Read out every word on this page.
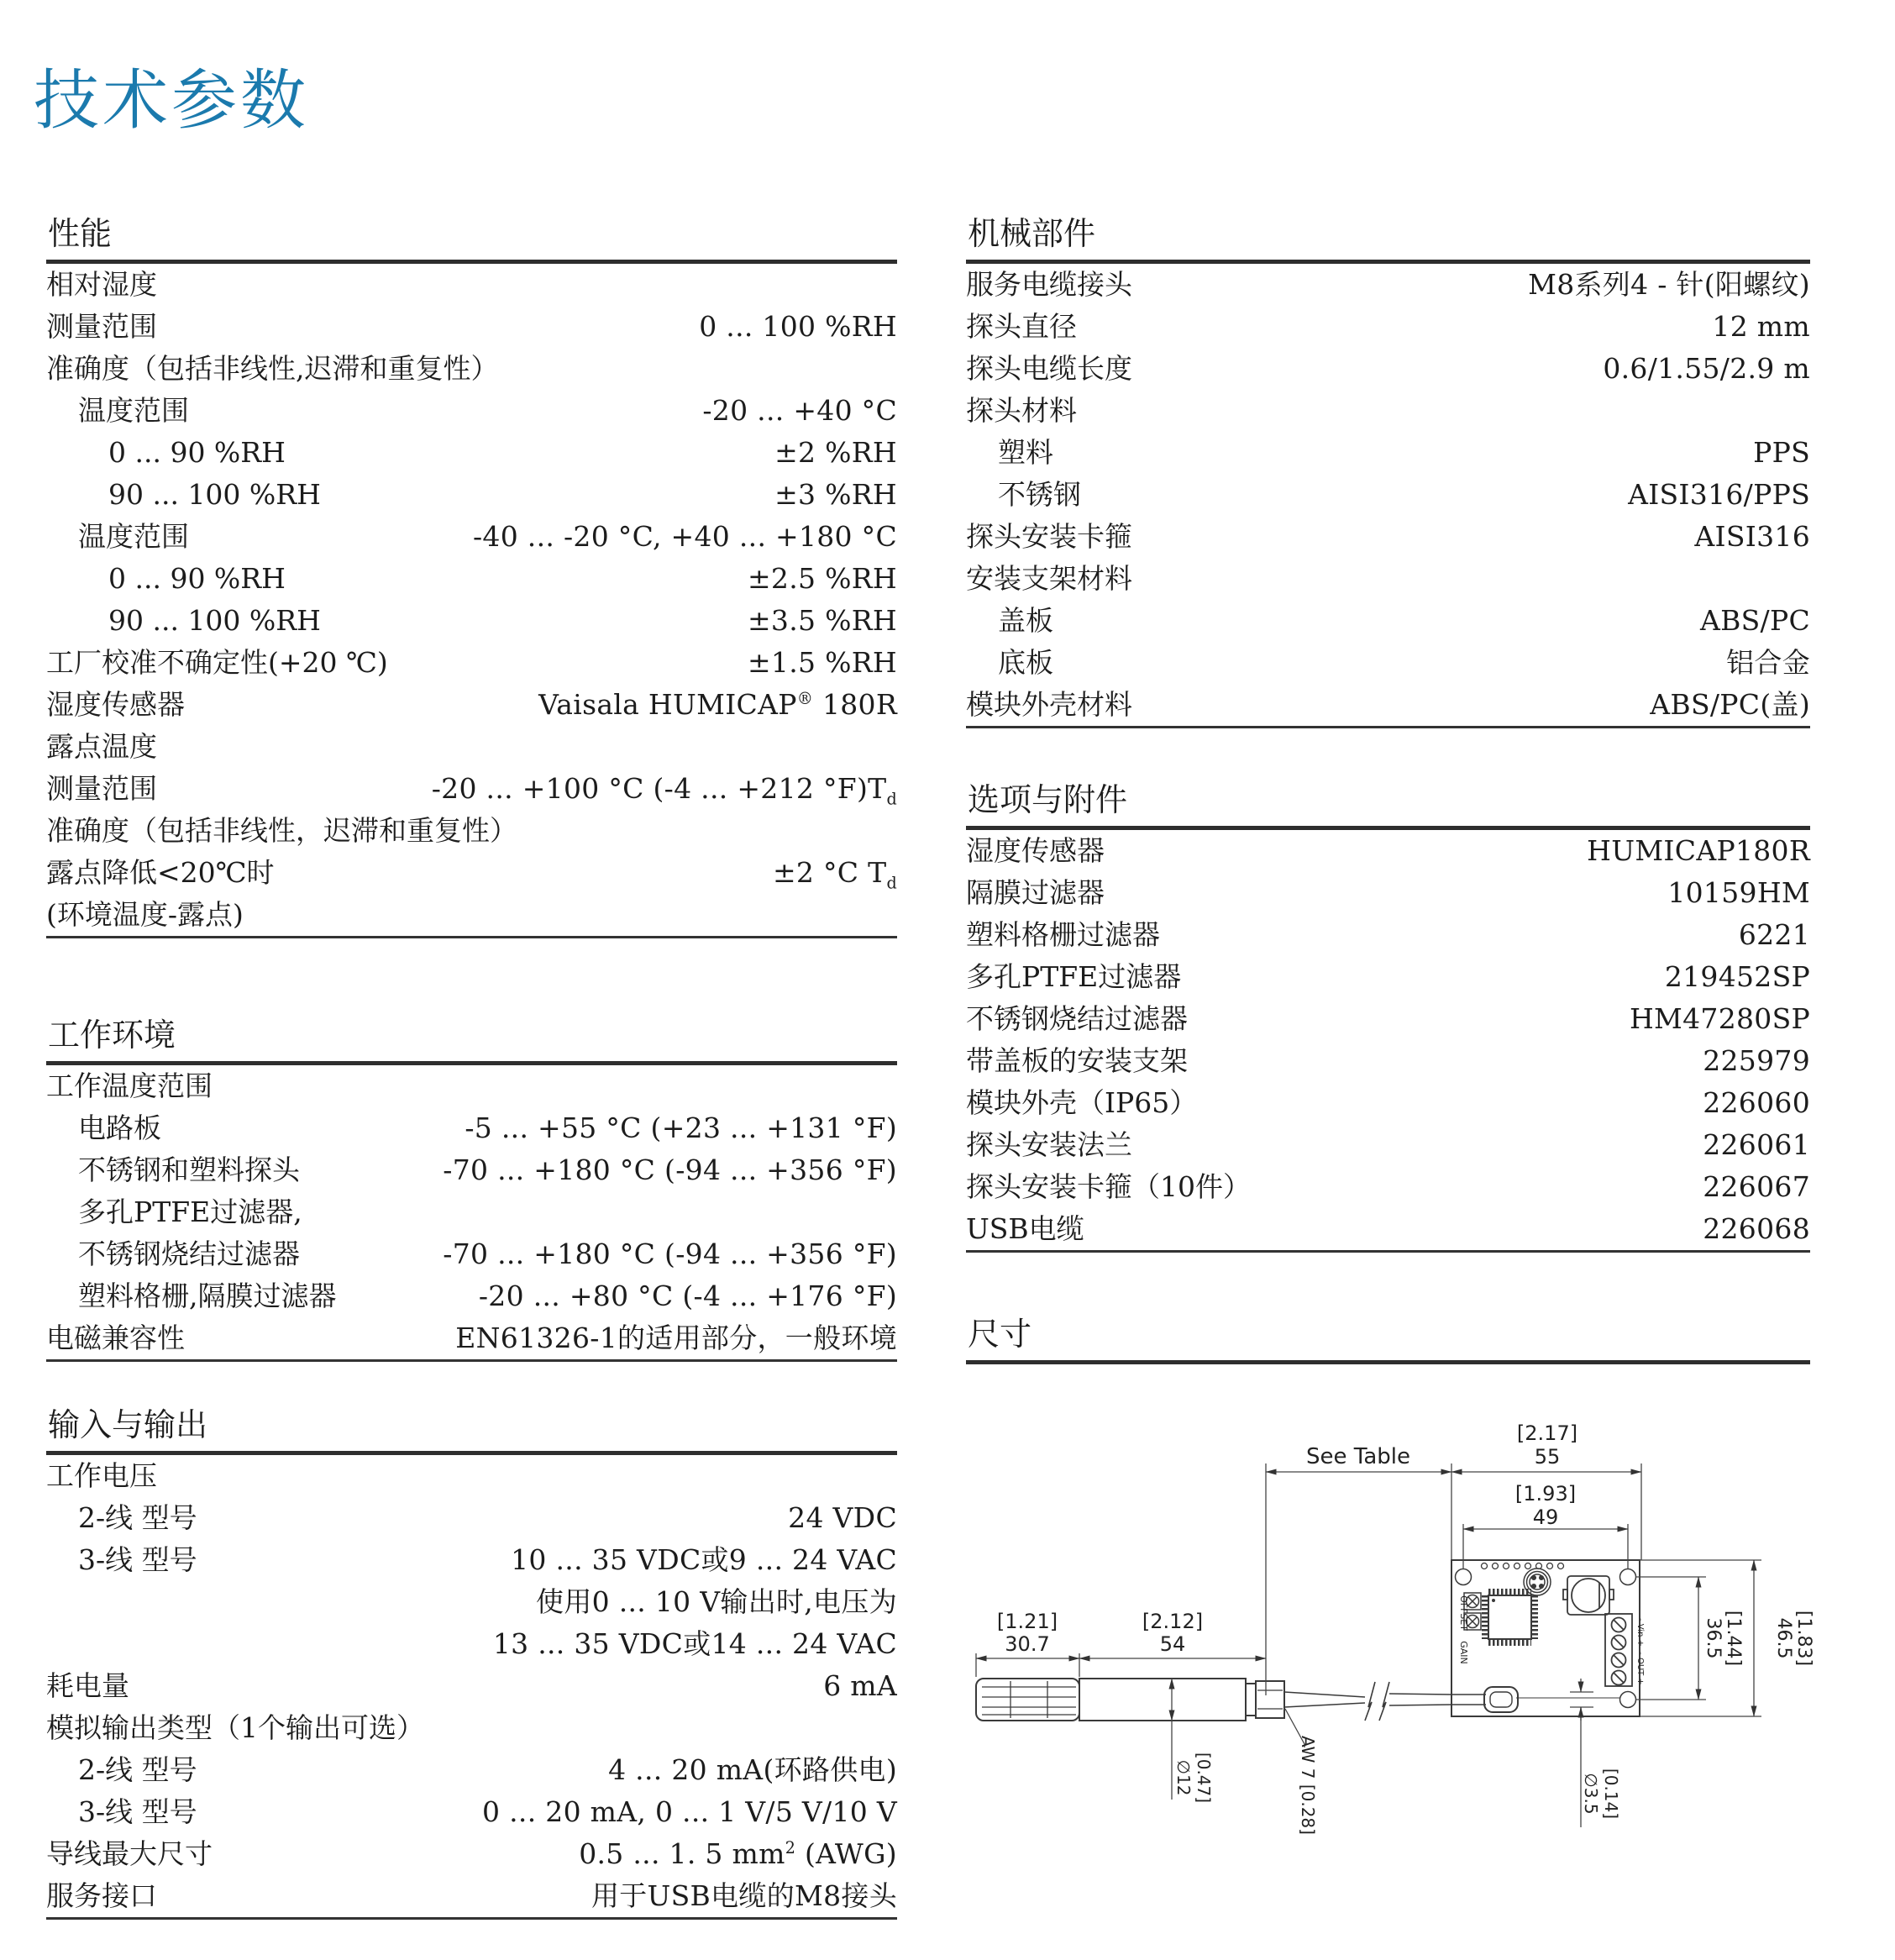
技术参数
性能
相对湿度
测量范围	0 ... 100 %RH
准确度（包括非线性,迟滞和重复性）
温度范围	-20 ... +40 °C
0 ... 90 %RH	±2 %RH
90 ... 100 %RH	±3 %RH
温度范围	-40 ... -20 °C, +40 ... +180 °C
0 ... 90 %RH	±2.5 %RH
90 ... 100 %RH	±3.5 %RH
工厂校准不确定性(+20 ℃)	±1.5 %RH
湿度传感器	Vaisala HUMICAP® 180R
露点温度
测量范围	-20 ... +100 °C (-4 ... +212 $^\circ F)T_d$
准确度（包括非线性，迟滞和重复性）
露点降低<20℃时	±2 °C $T_d$
(环境温度-露点)
工作环境
工作温度范围
电路板	-5 ... +55 °C (+23 ... +131 °F)
不锈钢和塑料探头	-70 ... +180 °C (-94 ... +356 °F)
多孔PTFE过滤器,
不锈钢烧结过滤器	-70 ... +180 °C (-94 ... +356 °F)
塑料格栅,隔膜过滤器	-20 ... +80 °C (-4 ... +176 °F)
电磁兼容性	EN61326-1的适用部分，一般环境
输入与输出
工作电压
2-线 型号	24 VDC
3-线 型号	10 ... 35 VDC或9 ... 24 VAC
使用0 ... 10 V输出时,电压为
13 ... 35 VDC或14 ... 24 VAC
耗电量	6 mA
模拟输出类型（1个输出可选）
2-线 型号	4 ... 20 mA(环路供电)
3-线 型号	0 ... 20 mA, 0 ... 1 V/5 V/10 V
导线最大尺寸	0.5 ... 1. 5 $mm^2$ (AWG)
服务接口	用于USB电缆的M8接头
机械部件
服务电缆接头	M8系列4 - 针(阳螺纹)
探头直径	12 mm
探头电缆长度	0.6/1.55/2.9 m
探头材料
塑料	PPS
不锈钢	AISI316/PPS
探头安装卡箍	AISI316
安装支架材料
盖板	ABS/PC
底板	铝合金
模块外壳材料	ABS/PC(盖)
选项与附件
湿度传感器	HUMICAP180R
隔膜过滤器	10159HM
塑料格栅过滤器	6221
多孔PTFE过滤器	219452SP
不锈钢烧结过滤器	HM47280SP
带盖板的安装支架	225979
模块外壳（IP65）	226060
探头安装法兰	226061
探头安装卡箍（10件）	226067
USB电缆	226068
尺寸
See Table
[2.17]
55
[1.93]
49
[1.21]
30.7
[2.12]
54
[0.47]
∅12	AW 7 [0.28]	[0.14]
∅3.5
[1.44]
36.5	[1.83]
46.5
OFFSET
GAIN
- Vin +
- OUT +
